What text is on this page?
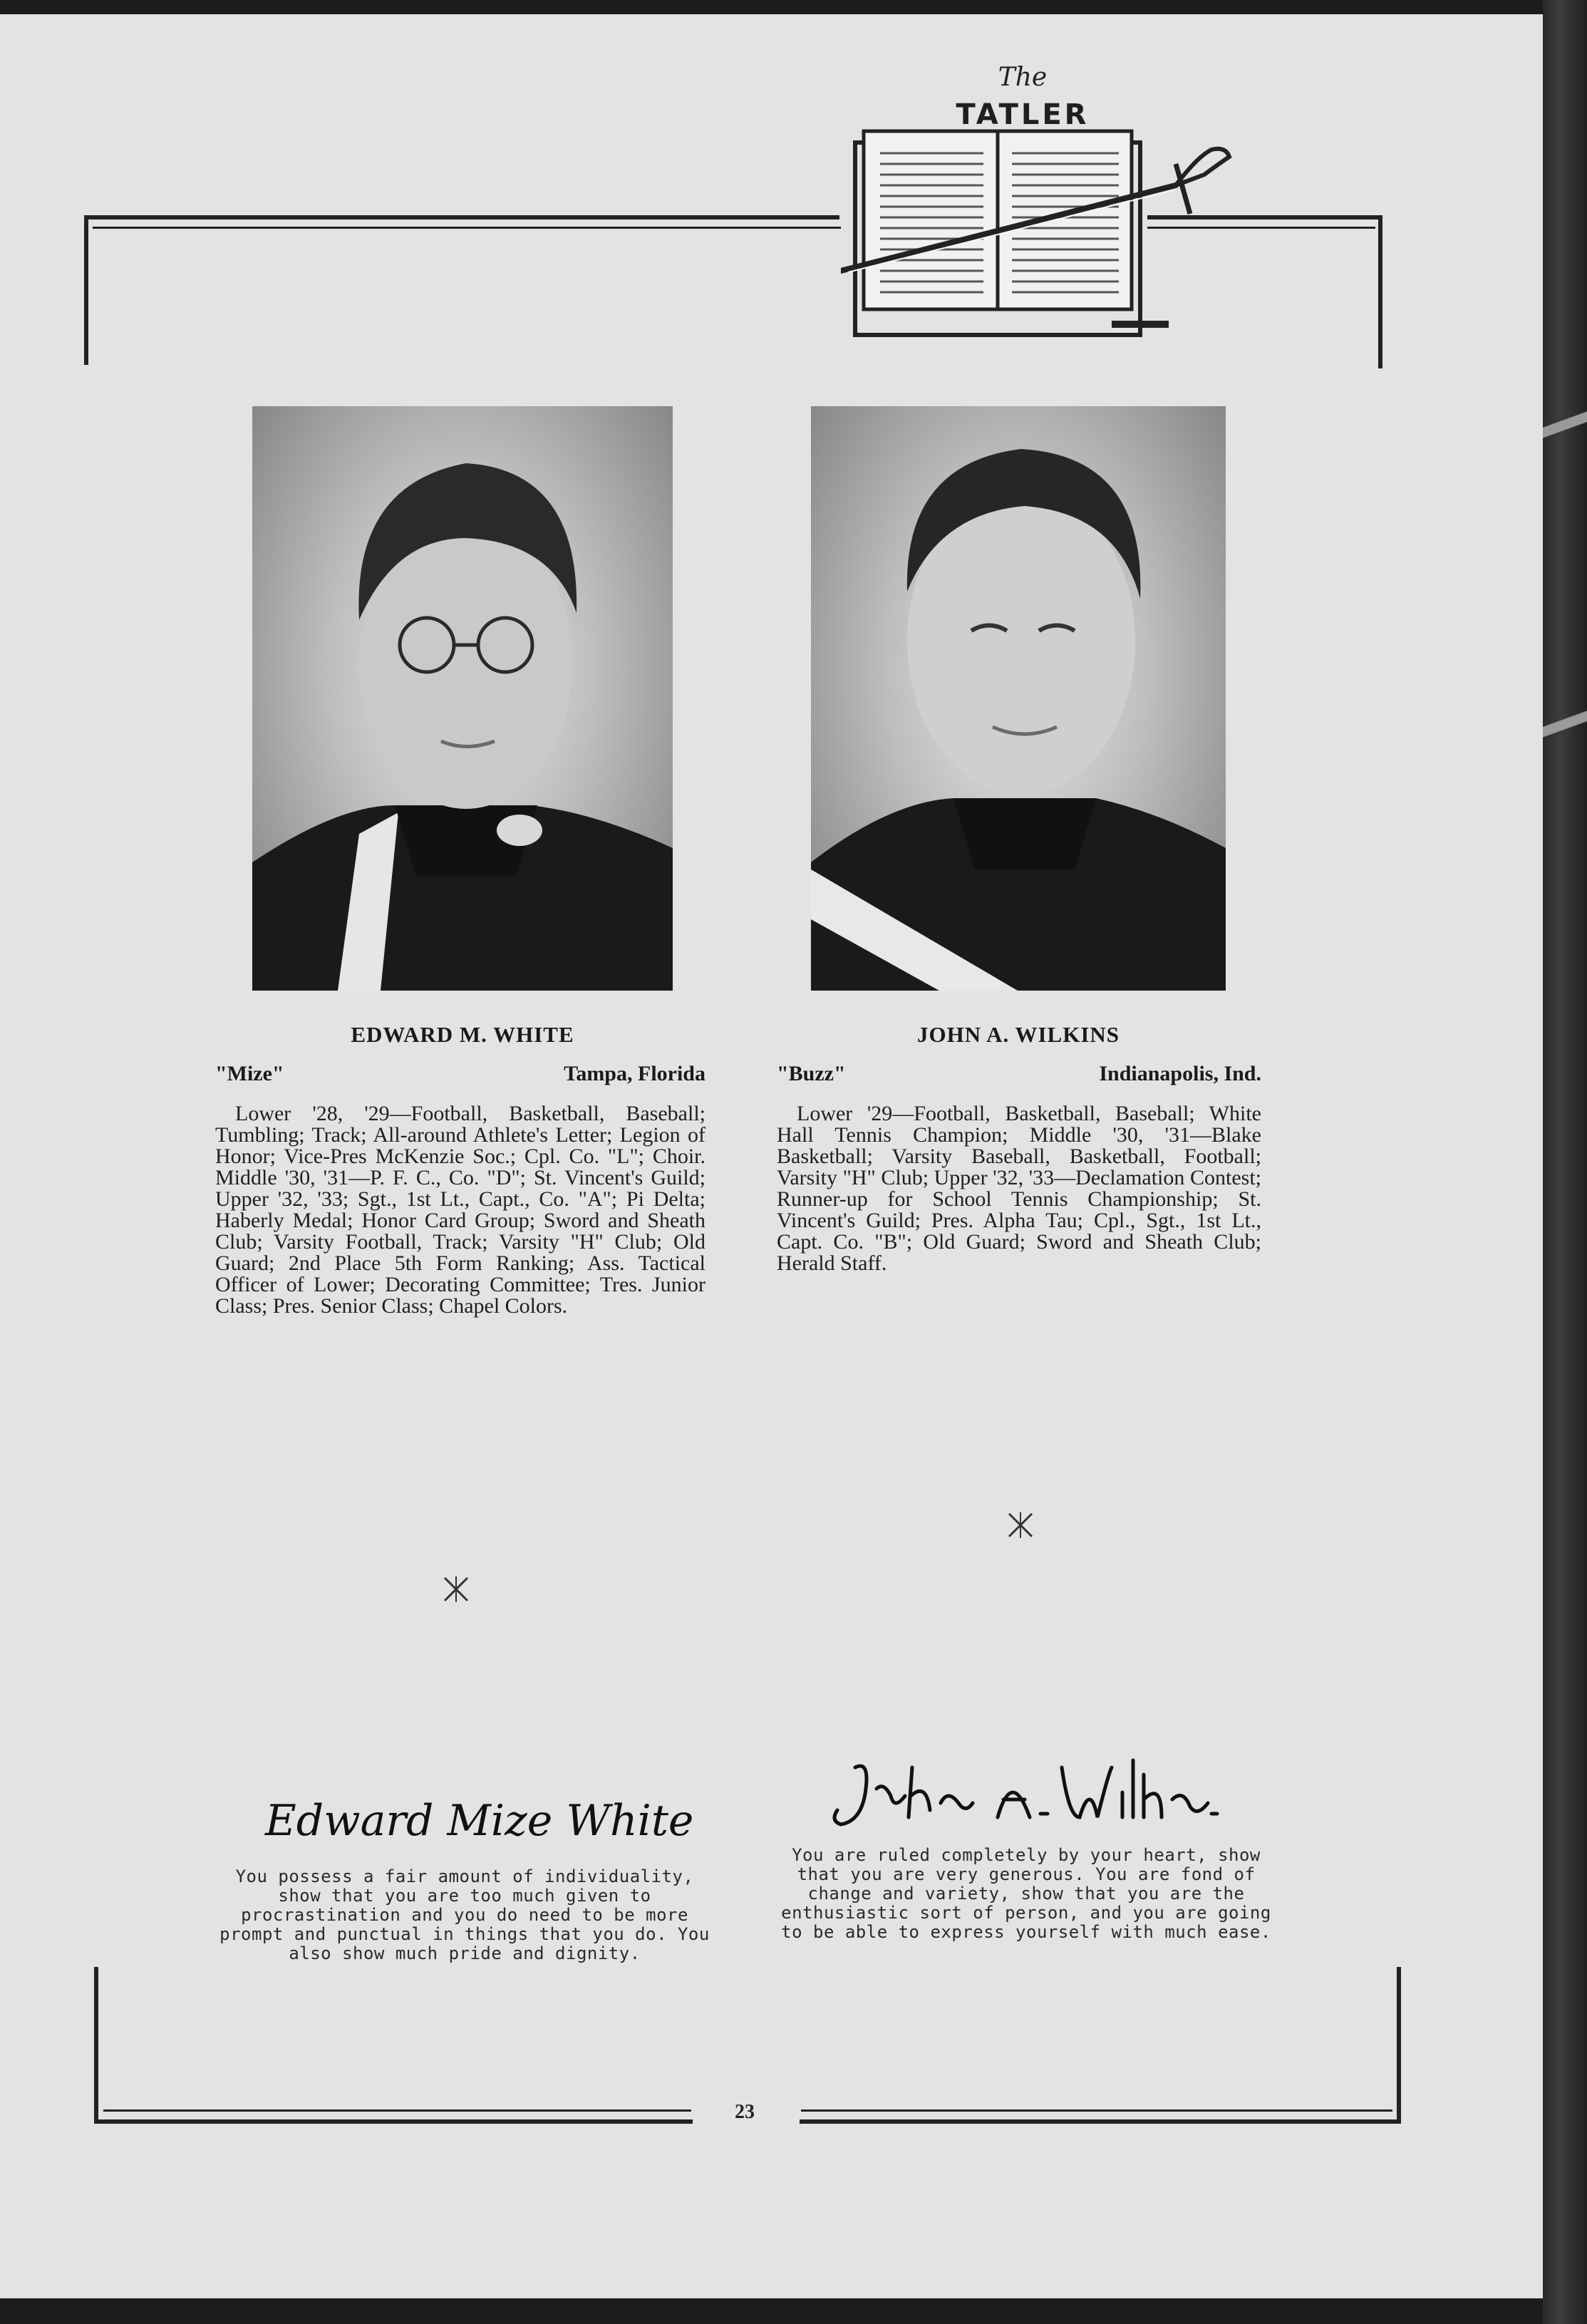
The
TATLER
EDWARD M. WHITE
"Mize"	Tampa, Florida
Lower '28, '29—Football, Basketball, Baseball; Tumbling; Track; All-around Athlete's Letter; Legion of Honor; Vice-Pres McKenzie Soc.; Cpl. Co. "L"; Choir. Middle '30, '31—P. F. C., Co. "D"; St. Vincent's Guild; Upper '32, '33; Sgt., 1st Lt., Capt., Co. "A"; Pi Delta; Haberly Medal; Honor Card Group; Sword and Sheath Club; Varsity Football, Track; Varsity "H" Club; Old Guard; 2nd Place 5th Form Ranking; Ass. Tactical Officer of Lower; Decorating Committee; Tres. Junior Class; Pres. Senior Class; Chapel Colors.
JOHN A. WILKINS
"Buzz"	Indianapolis, Ind.
Lower '29—Football, Basketball, Baseball; White Hall Tennis Champion; Middle '30, '31—Blake Basketball; Varsity Baseball, Basketball, Football; Varsity "H" Club; Upper '32, '33—Declamation Contest; Runner-up for School Tennis Championship; St. Vincent's Guild; Pres. Alpha Tau; Cpl., Sgt., 1st Lt., Capt. Co. "B"; Old Guard; Sword and Sheath Club; Herald Staff.
Edward Mize White
You possess a fair amount of individuality, show that you are too much given to procrastination and you do need to be more prompt and punctual in things that you do. You also show much pride and dignity.
You are ruled completely by your heart, show that you are very generous. You are fond of change and variety, show that you are the enthusiastic sort of person, and you are going to be able to express yourself with much ease.
23
